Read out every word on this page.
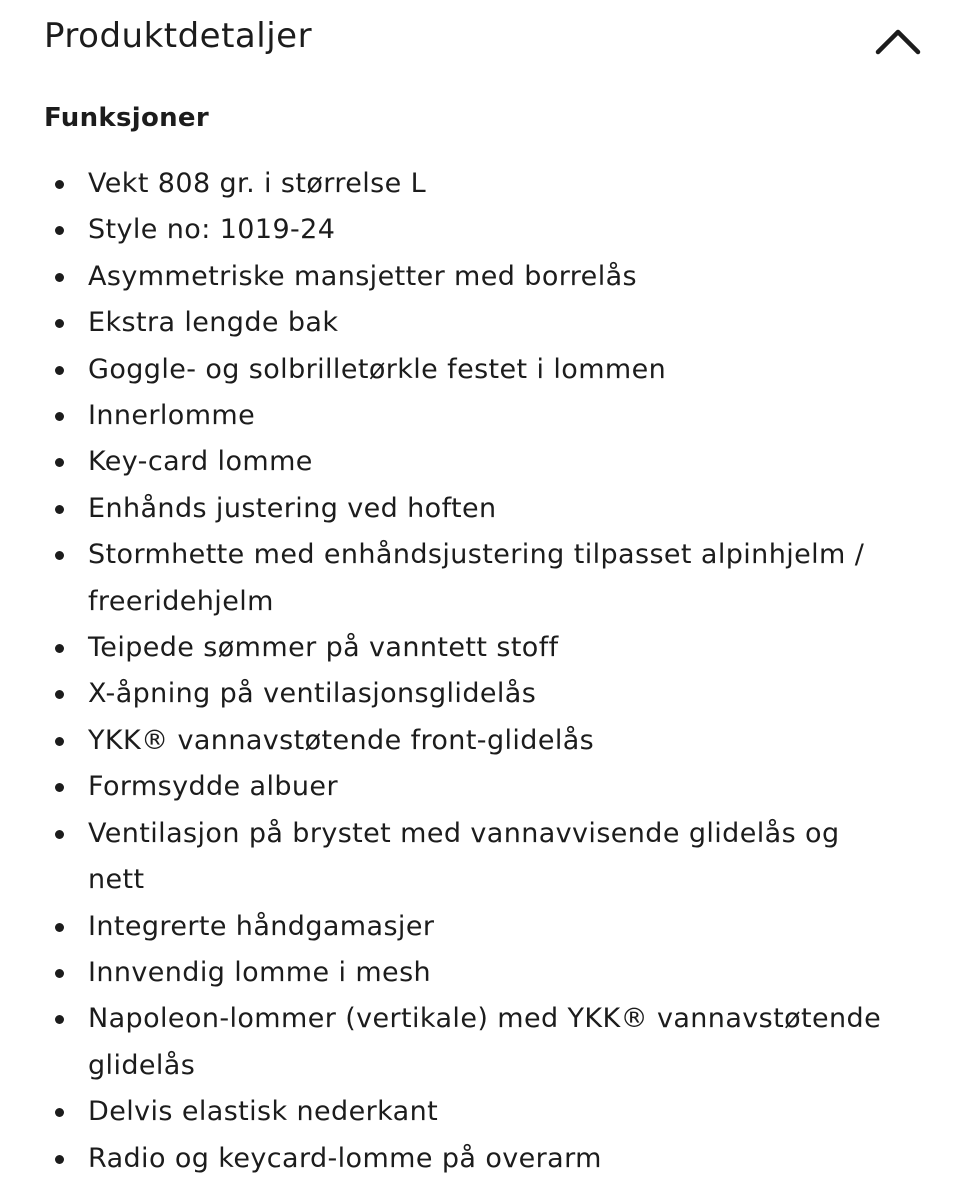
Produktdetaljer
Funksjoner
Vekt 808 gr. i størrelse L
Style no: 1019-24
Asymmetriske mansjetter med borrelås
Ekstra lengde bak
Goggle- og solbrilletørkle festet i lommen
Innerlomme
Key-card lomme
Enhånds justering ved hoften
Stormhette med enhåndsjustering tilpasset alpinhjelm / freeridehjelm
Teipede sømmer på vanntett stoff
X-åpning på ventilasjonsglidelås
YKK® vannavstøtende front-glidelås
Formsydde albuer
Ventilasjon på brystet med vannavvisende glidelås og nett
Integrerte håndgamasjer
Innvendig lomme i mesh
Napoleon-lommer (vertikale) med YKK® vannavstøtende glidelås
Delvis elastisk nederkant
Radio og keycard-lomme på overarm
